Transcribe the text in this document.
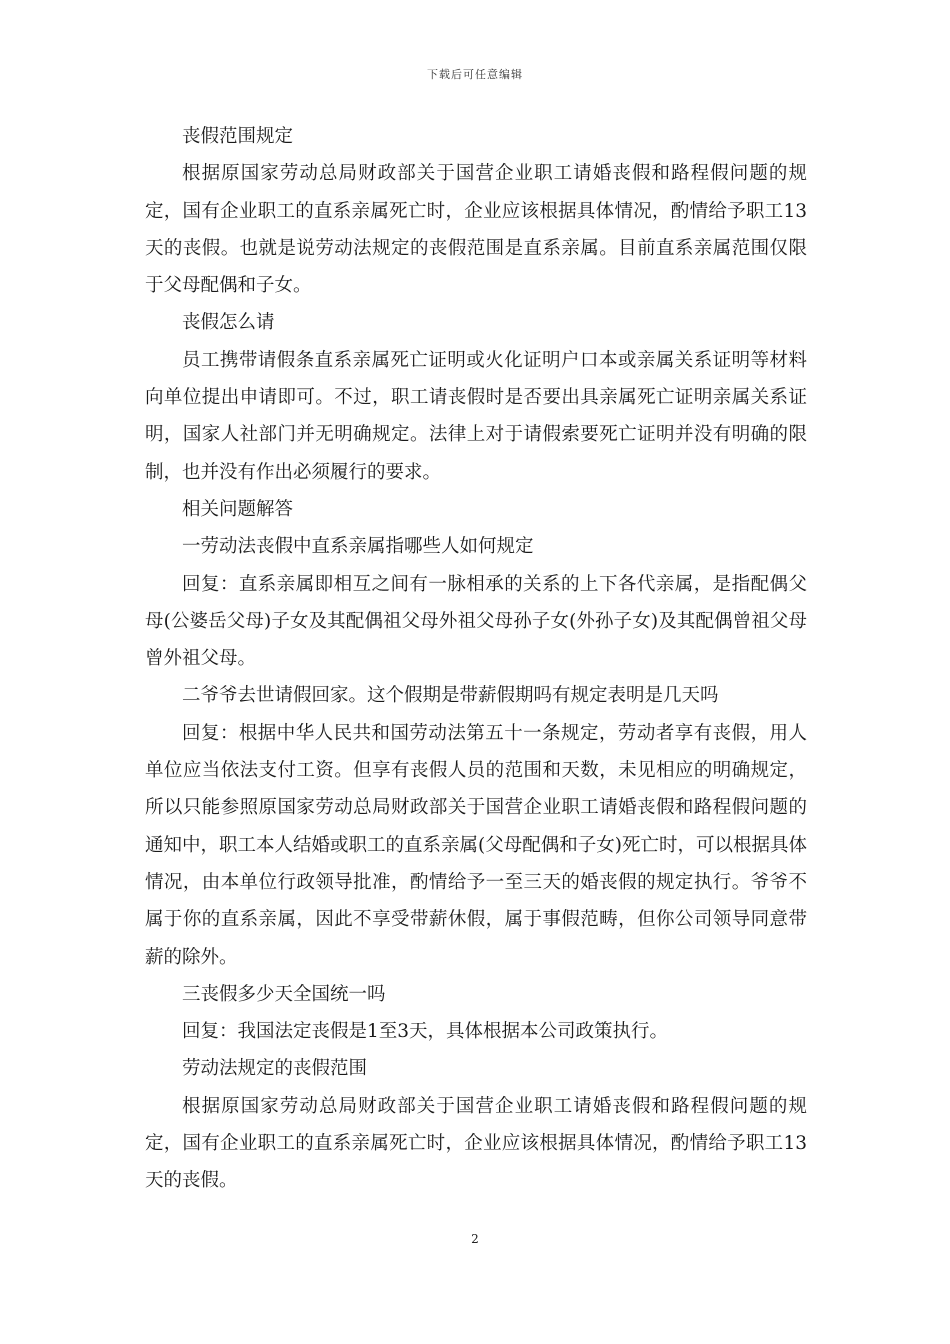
下载后可任意编辑

丧假范围规定

根据原国家劳动总局财政部关于国营企业职工请婚丧假和路程假问题的规定，国有企业职工的直系亲属死亡时，企业应该根据具体情况，酌情给予职工13天的丧假。也就是说劳动法规定的丧假范围是直系亲属。目前直系亲属范围仅限于父母配偶和子女。

丧假怎么请

员工携带请假条直系亲属死亡证明或火化证明户口本或亲属关系证明等材料向单位提出申请即可。不过，职工请丧假时是否要出具亲属死亡证明亲属关系证明，国家人社部门并无明确规定。法律上对于请假索要死亡证明并没有明确的限制，也并没有作出必须履行的要求。

相关问题解答

一劳动法丧假中直系亲属指哪些人如何规定

回复：直系亲属即相互之间有一脉相承的关系的上下各代亲属，是指配偶父母(公婆岳父母)子女及其配偶祖父母外祖父母孙子女(外孙子女)及其配偶曾祖父母曾外祖父母。

二爷爷去世请假回家。这个假期是带薪假期吗有规定表明是几天吗

回复：根据中华人民共和国劳动法第五十一条规定，劳动者享有丧假，用人单位应当依法支付工资。但享有丧假人员的范围和天数，未见相应的明确规定，所以只能参照原国家劳动总局财政部关于国营企业职工请婚丧假和路程假问题的通知中，职工本人结婚或职工的直系亲属(父母配偶和子女)死亡时，可以根据具体情况，由本单位行政领导批准，酌情给予一至三天的婚丧假的规定执行。爷爷不属于你的直系亲属，因此不享受带薪休假，属于事假范畴，但你公司领导同意带薪的除外。

三丧假多少天全国统一吗

回复：我国法定丧假是1至3天，具体根据本公司政策执行。

劳动法规定的丧假范围

根据原国家劳动总局财政部关于国营企业职工请婚丧假和路程假问题的规定，国有企业职工的直系亲属死亡时，企业应该根据具体情况，酌情给予职工13天的丧假。

2
